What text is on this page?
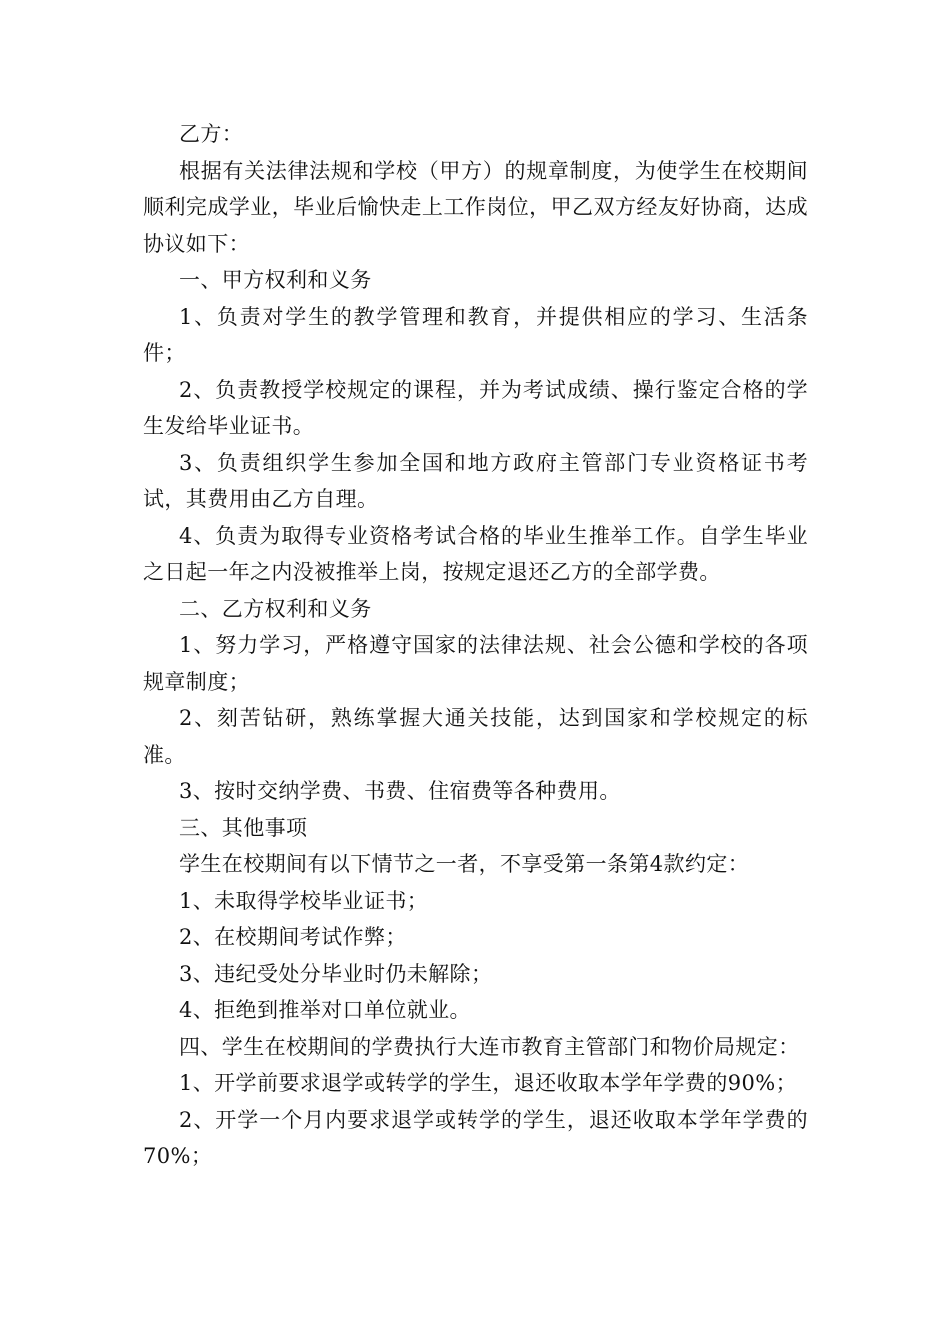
乙方：

根据有关法律法规和学校（甲方）的规章制度，为使学生在校期间顺利完成学业，毕业后愉快走上工作岗位，甲乙双方经友好协商，达成协议如下：

一、甲方权利和义务

1、负责对学生的教学管理和教育，并提供相应的学习、生活条件；

2、负责教授学校规定的课程，并为考试成绩、操行鉴定合格的学生发给毕业证书。

3、负责组织学生参加全国和地方政府主管部门专业资格证书考试，其费用由乙方自理。

4、负责为取得专业资格考试合格的毕业生推举工作。自学生毕业之日起一年之内没被推举上岗，按规定退还乙方的全部学费。

二、乙方权利和义务

1、努力学习，严格遵守国家的法律法规、社会公德和学校的各项规章制度；

2、刻苦钻研，熟练掌握大通关技能，达到国家和学校规定的标准。

3、按时交纳学费、书费、住宿费等各种费用。

三、其他事项

学生在校期间有以下情节之一者，不享受第一条第4款约定：

1、未取得学校毕业证书；

2、在校期间考试作弊；

3、违纪受处分毕业时仍未解除；

4、拒绝到推举对口单位就业。

四、学生在校期间的学费执行大连市教育主管部门和物价局规定：

1、开学前要求退学或转学的学生，退还收取本学年学费的90%；

2、开学一个月内要求退学或转学的学生，退还收取本学年学费的70%；
